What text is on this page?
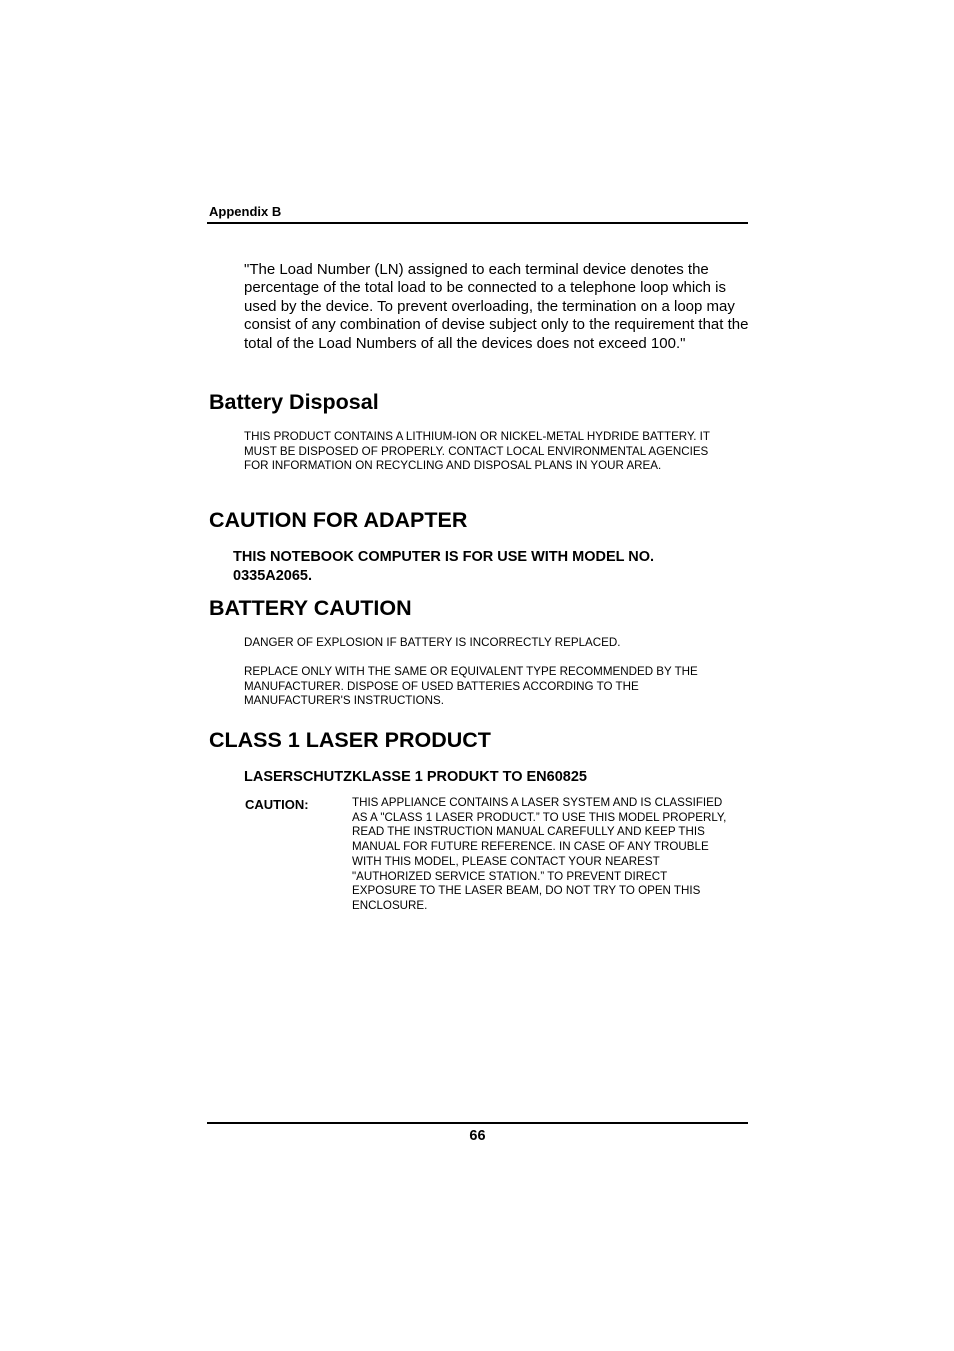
Appendix B
"The Load Number (LN) assigned to each terminal device denotes the percentage of the total load to be connected to a telephone loop which is used by the device. To prevent overloading, the termination on a loop may consist of any combination of devise subject only to the requirement that the total of the Load Numbers of all the devices does not exceed 100."
Battery Disposal
THIS PRODUCT CONTAINS A LITHIUM-ION OR NICKEL-METAL HYDRIDE BATTERY. IT MUST BE DISPOSED OF PROPERLY. CONTACT LOCAL ENVIRONMENTAL AGENCIES FOR INFORMATION ON RECYCLING AND DISPOSAL PLANS IN YOUR AREA.
CAUTION FOR ADAPTER
THIS NOTEBOOK COMPUTER IS FOR USE WITH MODEL NO. 0335A2065.
BATTERY CAUTION
DANGER OF EXPLOSION IF BATTERY IS INCORRECTLY REPLACED.
REPLACE ONLY WITH THE SAME OR EQUIVALENT TYPE RECOMMENDED BY THE MANUFACTURER. DISPOSE OF USED BATTERIES ACCORDING TO THE MANUFACTURER'S INSTRUCTIONS.
CLASS 1 LASER PRODUCT
LASERSCHUTZKLASSE 1 PRODUKT TO EN60825
CAUTION:	THIS APPLIANCE CONTAINS A LASER SYSTEM AND IS CLASSIFIED AS A "CLASS 1 LASER PRODUCT.” TO USE THIS MODEL PROPERLY, READ THE INSTRUCTION MANUAL CAREFULLY AND KEEP THIS MANUAL FOR FUTURE REFERENCE. IN CASE OF ANY TROUBLE WITH THIS MODEL, PLEASE CONTACT YOUR NEAREST "AUTHORIZED SERVICE STATION.” TO PREVENT DIRECT EXPOSURE TO THE LASER BEAM, DO NOT TRY TO OPEN THIS ENCLOSURE.
66
